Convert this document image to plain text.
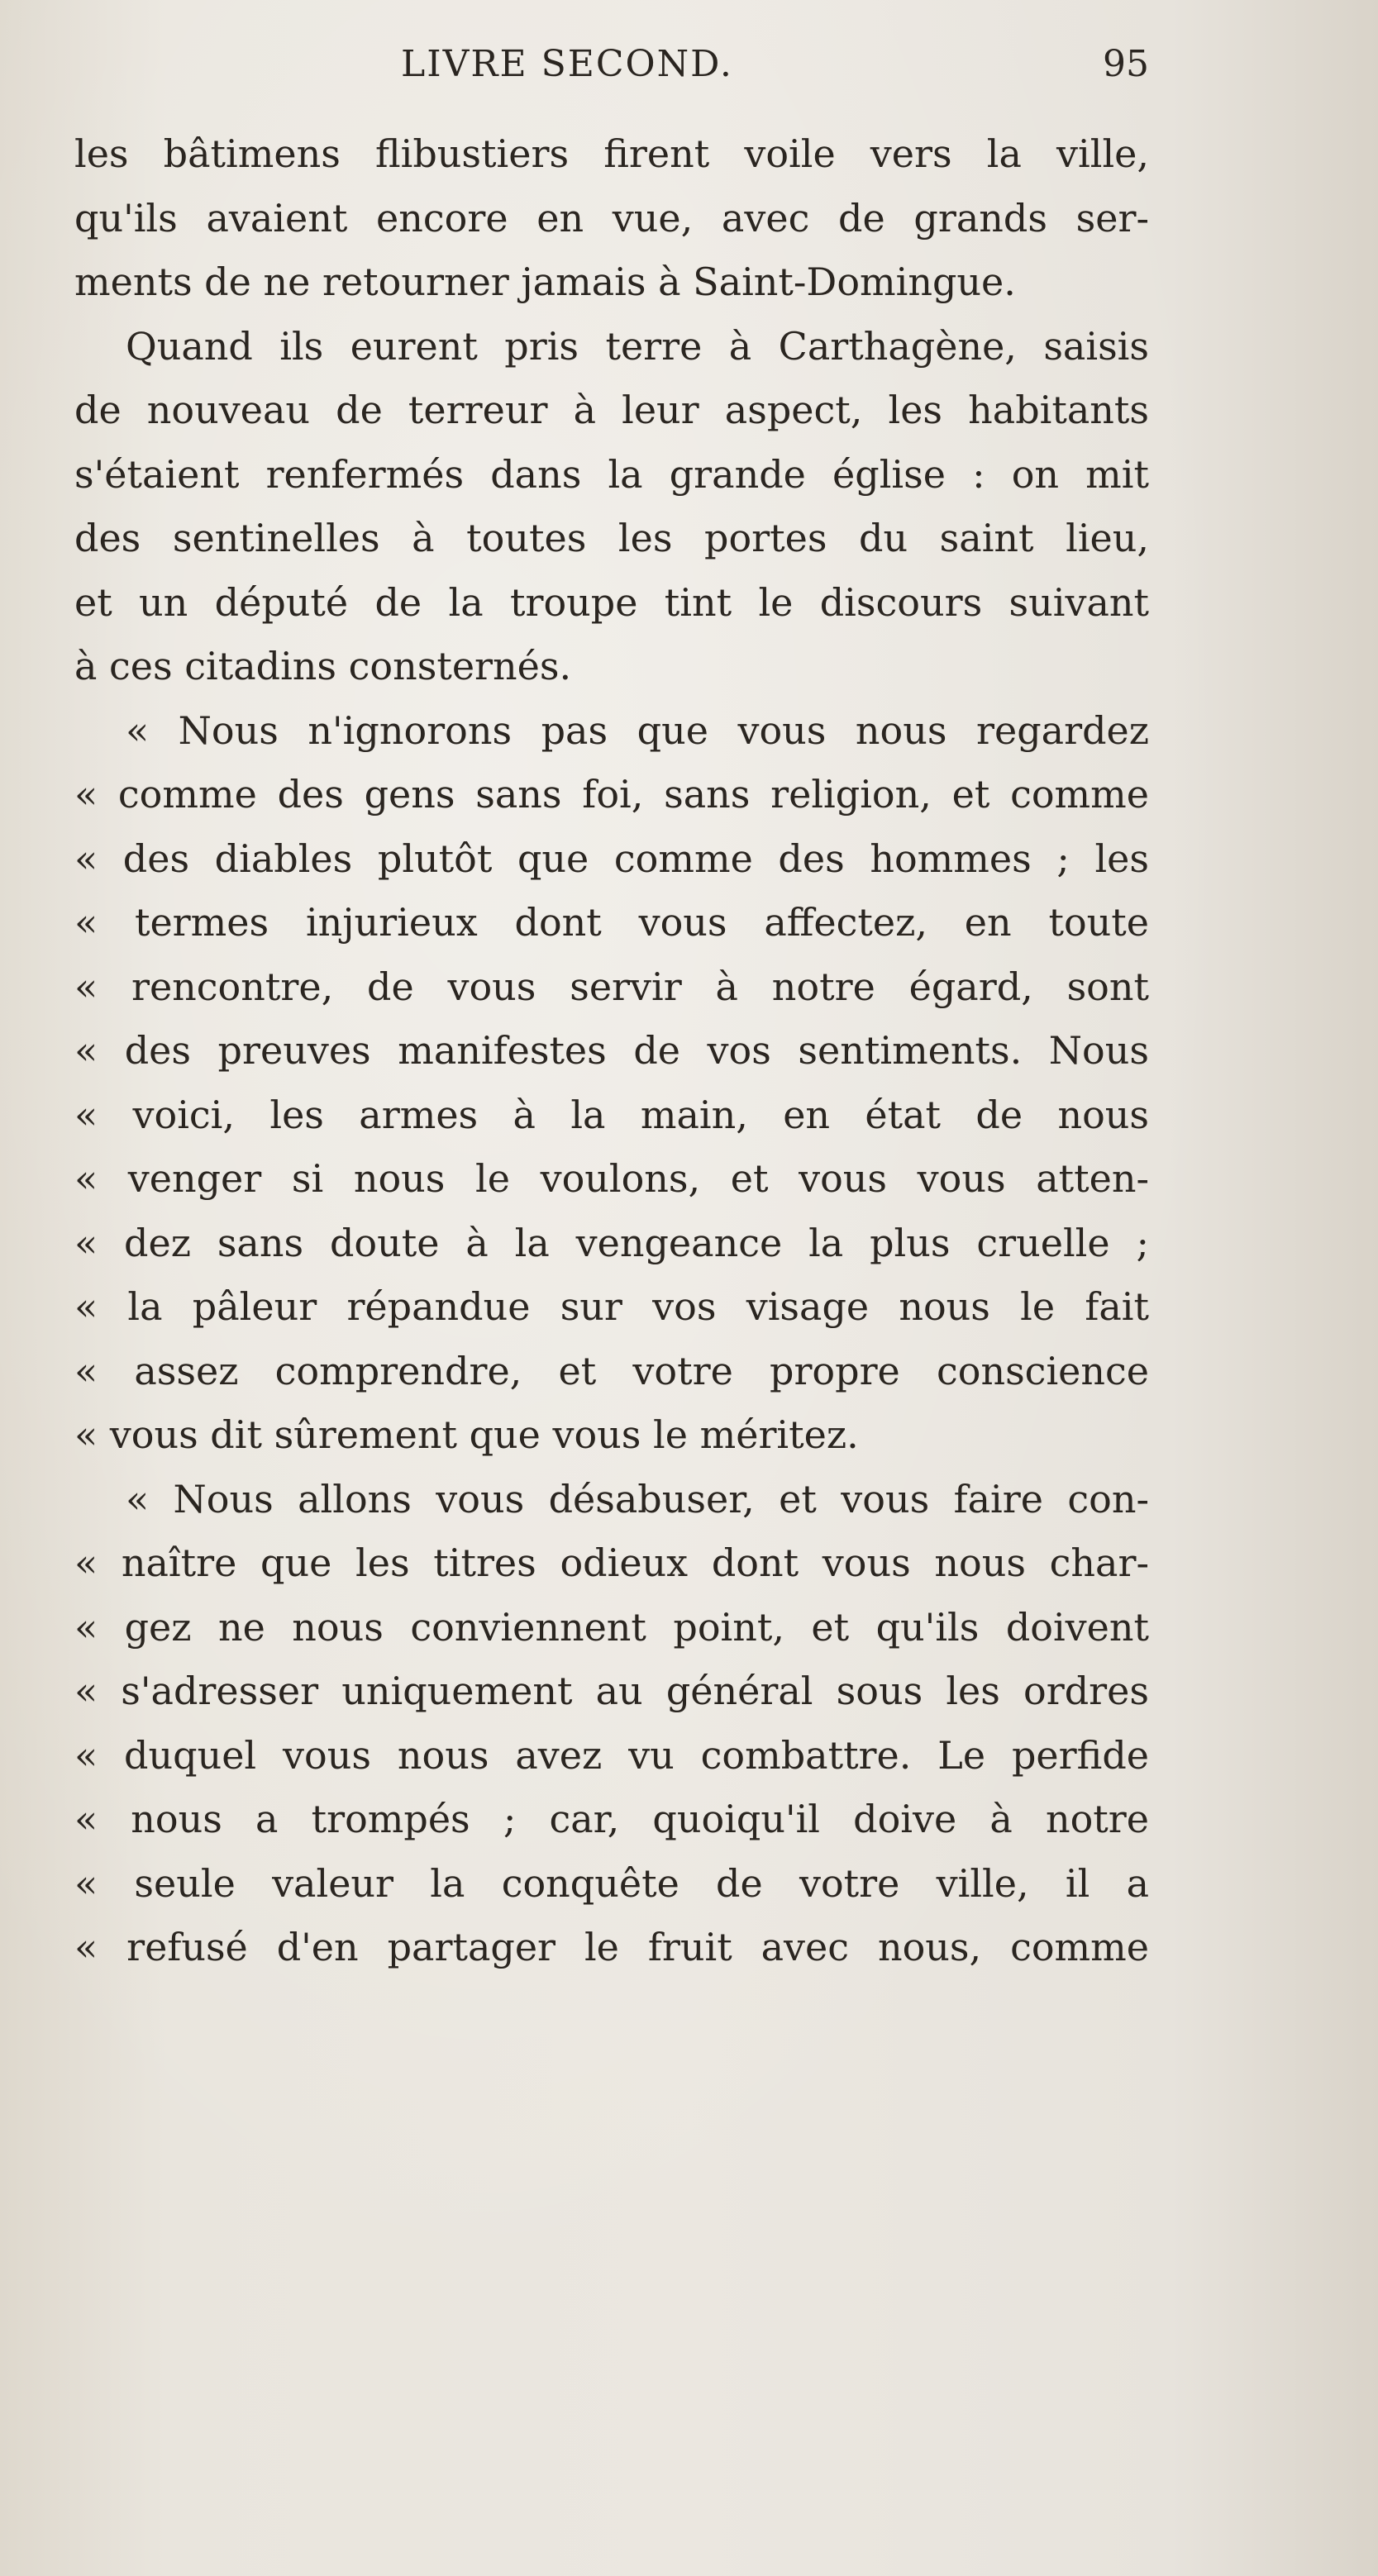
LIVRE SECOND.	95
les bâtimens flibustiers firent voile vers la ville,
qu'ils avaient encore en vue, avec de grands ser-
ments de ne retourner jamais à Saint-Domingue.
Quand ils eurent pris terre à Carthagène, saisis
de nouveau de terreur à leur aspect, les habitants
s'étaient renfermés dans la grande église : on mit
des sentinelles à toutes les portes du saint lieu,
et un député de la troupe tint le discours suivant
à ces citadins consternés.
« Nous n'ignorons pas que vous nous regardez
« comme des gens sans foi, sans religion, et comme
« des diables plutôt que comme des hommes ; les
« termes injurieux dont vous affectez, en toute
« rencontre, de vous servir à notre égard, sont
« des preuves manifestes de vos sentiments. Nous
« voici, les armes à la main, en état de nous
« venger si nous le voulons, et vous vous atten-
« dez sans doute à la vengeance la plus cruelle ;
« la pâleur répandue sur vos visage nous le fait
« assez comprendre, et votre propre conscience
« vous dit sûrement que vous le méritez.
« Nous allons vous désabuser, et vous faire con-
« naître que les titres odieux dont vous nous char-
« gez ne nous conviennent point, et qu'ils doivent
« s'adresser uniquement au général sous les ordres
« duquel vous nous avez vu combattre. Le perfide
« nous a trompés ; car, quoiqu'il doive à notre
« seule valeur la conquête de votre ville, il a
« refusé d'en partager le fruit avec nous, comme
